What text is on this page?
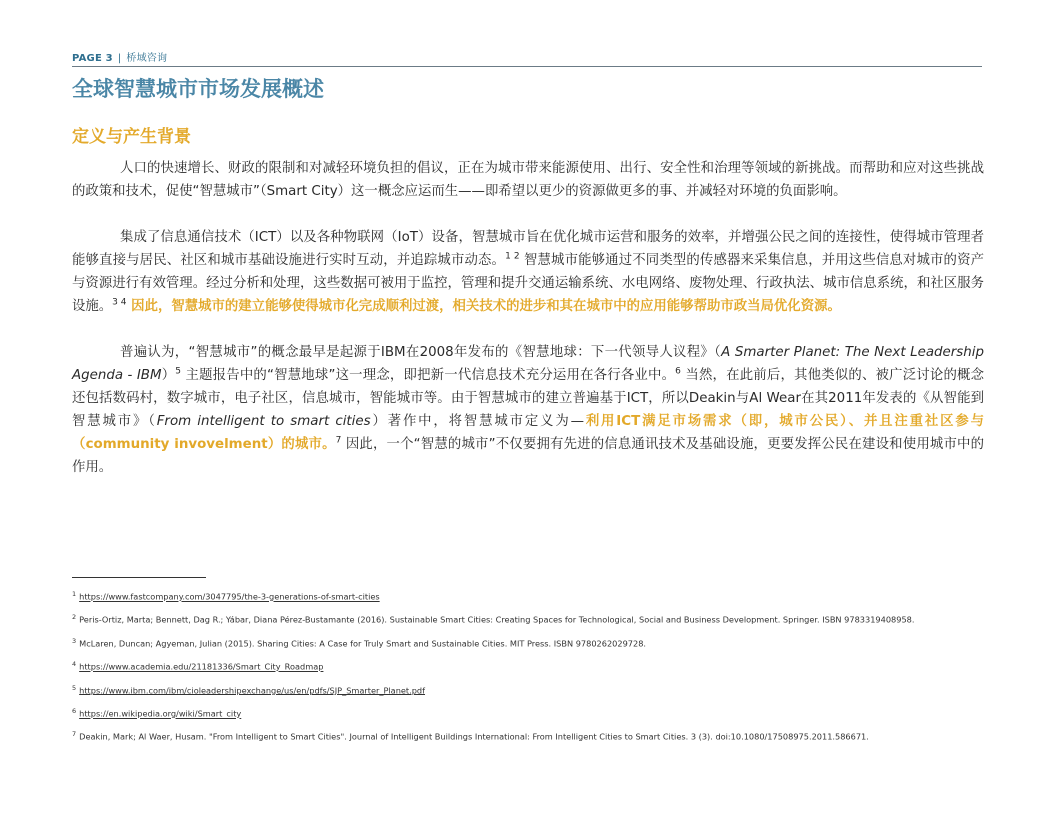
PAGE 3 | 桥域咨询
全球智慧城市市场发展概述
定义与产生背景

人口的快速增长、财政的限制和对减轻环境负担的倡议，正在为城市带来能源使用、出行、安全性和治理等领域的新挑战。而帮助和应对这些挑战的政策和技术，促使“智慧城市”（Smart City）这一概念应运而生——即希望以更少的资源做更多的事、并减轻对环境的负面影响。

集成了信息通信技术（ICT）以及各种物联网（IoT）设备，智慧城市旨在优化城市运营和服务的效率，并增强公民之间的连接性，使得城市管理者能够直接与居民、社区和城市基础设施进行实时互动，并追踪城市动态。$^{1 2}$ 智慧城市能够通过不同类型的传感器来采集信息，并用这些信息对城市的资产与资源进行有效管理。经过分析和处理，这些数据可被用于监控，管理和提升交通运输系统、水电网络、废物处理、行政执法、城市信息系统，和社区服务设施。$^{3 4}$ 因此，智慧城市的建立能够使得城市化完成顺利过渡，相关技术的进步和其在城市中的应用能够帮助市政当局优化资源。

普遍认为，“智慧城市”的概念最早是起源于IBM在2008年发布的《智慧地球：下一代领导人议程》（A Smarter Planet: The Next Leadership Agenda - IBM）$^5$ 主题报告中的“智慧地球”这一理念，即把新一代信息技术充分运用在各行各业中。$^6$ 当然，在此前后，其他类似的、被广泛讨论的概念还包括数码村，数字城市，电子社区，信息城市，智能城市等。由于智慧城市的建立普遍基于ICT，所以Deakin与Al Wear在其2011年发表的《从智能到智慧城市》（From intelligent to smart cities）著作中，将智慧城市定义为—利用ICT满足市场需求（即，城市公民）、并且注重社区参与（community invovelment）的城市。$^7$ 因此，一个“智慧的城市”不仅要拥有先进的信息通讯技术及基础设施，更要发挥公民在建设和使用城市中的作用。

$^1$ https://www.fastcompany.com/3047795/the-3-generations-of-smart-cities
$^2$ Peris-Ortiz, Marta; Bennett, Dag R.; Yábar, Diana Pérez-Bustamante (2016). Sustainable Smart Cities: Creating Spaces for Technological, Social and Business Development. Springer. ISBN 9783319408958.
$^3$ McLaren, Duncan; Agyeman, Julian (2015). Sharing Cities: A Case for Truly Smart and Sustainable Cities. MIT Press. ISBN 9780262029728.
$^4$ https://www.academia.edu/21181336/Smart_City_Roadmap
$^5$ https://www.ibm.com/ibm/cioleadershipexchange/us/en/pdfs/SJP_Smarter_Planet.pdf
$^6$ https://en.wikipedia.org/wiki/Smart_city
$^7$ Deakin, Mark; Al Waer, Husam. "From Intelligent to Smart Cities". Journal of Intelligent Buildings International: From Intelligent Cities to Smart Cities. 3 (3). doi:10.1080/17508975.2011.586671.
